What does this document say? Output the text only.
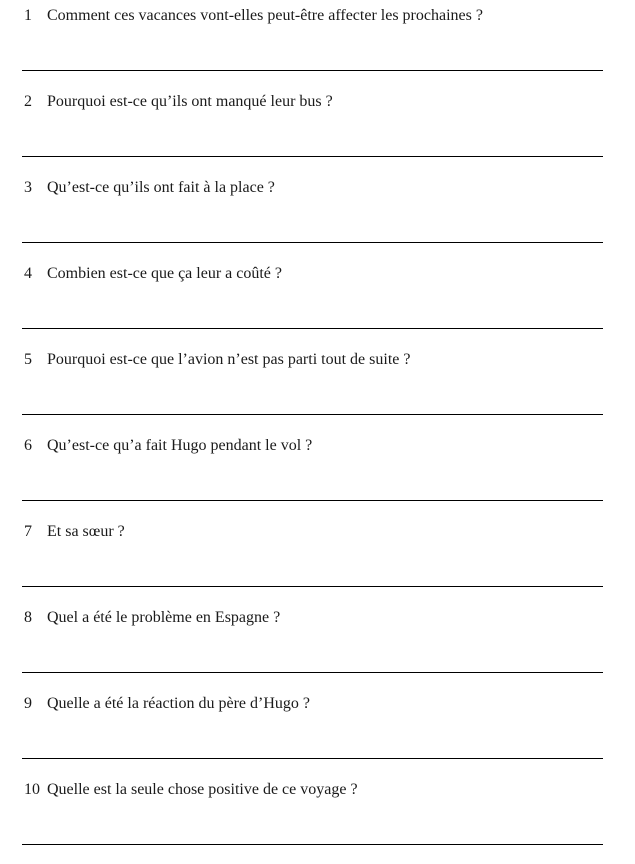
1 Comment ces vacances vont-elles peut-être affecter les prochaines ?
2 Pourquoi est-ce qu’ils ont manqué leur bus ?
3 Qu’est-ce qu’ils ont fait à la place ?
4 Combien est-ce que ça leur a coûté ?
5 Pourquoi est-ce que l’avion n’est pas parti tout de suite ?
6 Qu’est-ce qu’a fait Hugo pendant le vol ?
7 Et sa sœur ?
8 Quel a été le problème en Espagne ?
9 Quelle a été la réaction du père d’Hugo ?
10 Quelle est la seule chose positive de ce voyage ?
